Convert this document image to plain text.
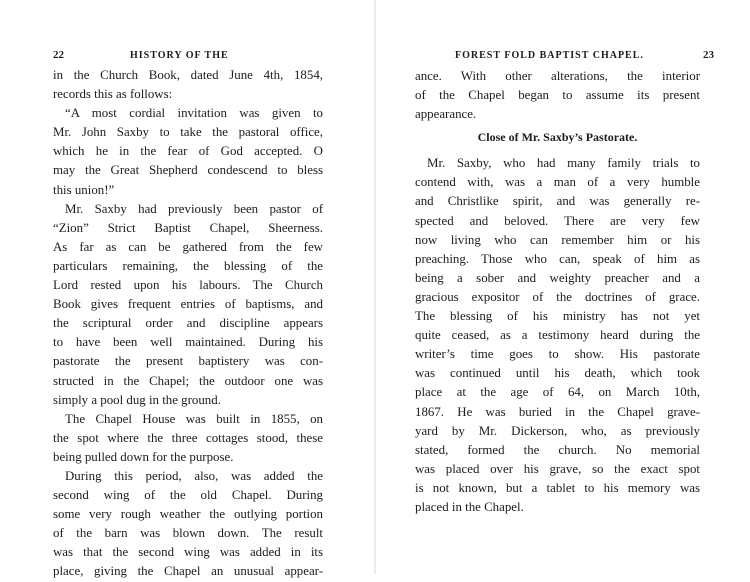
22	HISTORY OF THE
in the Church Book, dated June 4th, 1854,
records this as follows:
“A most cordial invitation was given to
Mr. John Saxby to take the pastoral office,
which he in the fear of God accepted. O
may the Great Shepherd condescend to bless
this union!”
Mr. Saxby had previously been pastor of
“Zion” Strict Baptist Chapel, Sheerness.
As far as can be gathered from the few
particulars remaining, the blessing of the
Lord rested upon his labours. The Church
Book gives frequent entries of baptisms, and
the scriptural order and discipline appears
to have been well maintained. During his
pastorate the present baptistery was con-
structed in the Chapel; the outdoor one was
simply a pool dug in the ground.
The Chapel House was built in 1855, on
the spot where the three cottages stood, these
being pulled down for the purpose.
During this period, also, was added the
second wing of the old Chapel. During
some very rough weather the outlying portion
of the barn was blown down. The result
was that the second wing was added in its
place, giving the Chapel an unusual appear-
FOREST FOLD BAPTIST CHAPEL.	23
ance. With other alterations, the interior
of the Chapel began to assume its present
appearance.
Close of Mr. Saxby’s Pastorate.
Mr. Saxby, who had many family trials to
contend with, was a man of a very humble
and Christlike spirit, and was generally re-
spected and beloved. There are very few
now living who can remember him or his
preaching. Those who can, speak of him as
being a sober and weighty preacher and a
gracious expositor of the doctrines of grace.
The blessing of his ministry has not yet
quite ceased, as a testimony heard during the
writer’s time goes to show. His pastorate
was continued until his death, which took
place at the age of 64, on March 10th,
1867. He was buried in the Chapel grave-
yard by Mr. Dickerson, who, as previously
stated, formed the church. No memorial
was placed over his grave, so the exact spot
is not known, but a tablet to his memory was
placed in the Chapel.
